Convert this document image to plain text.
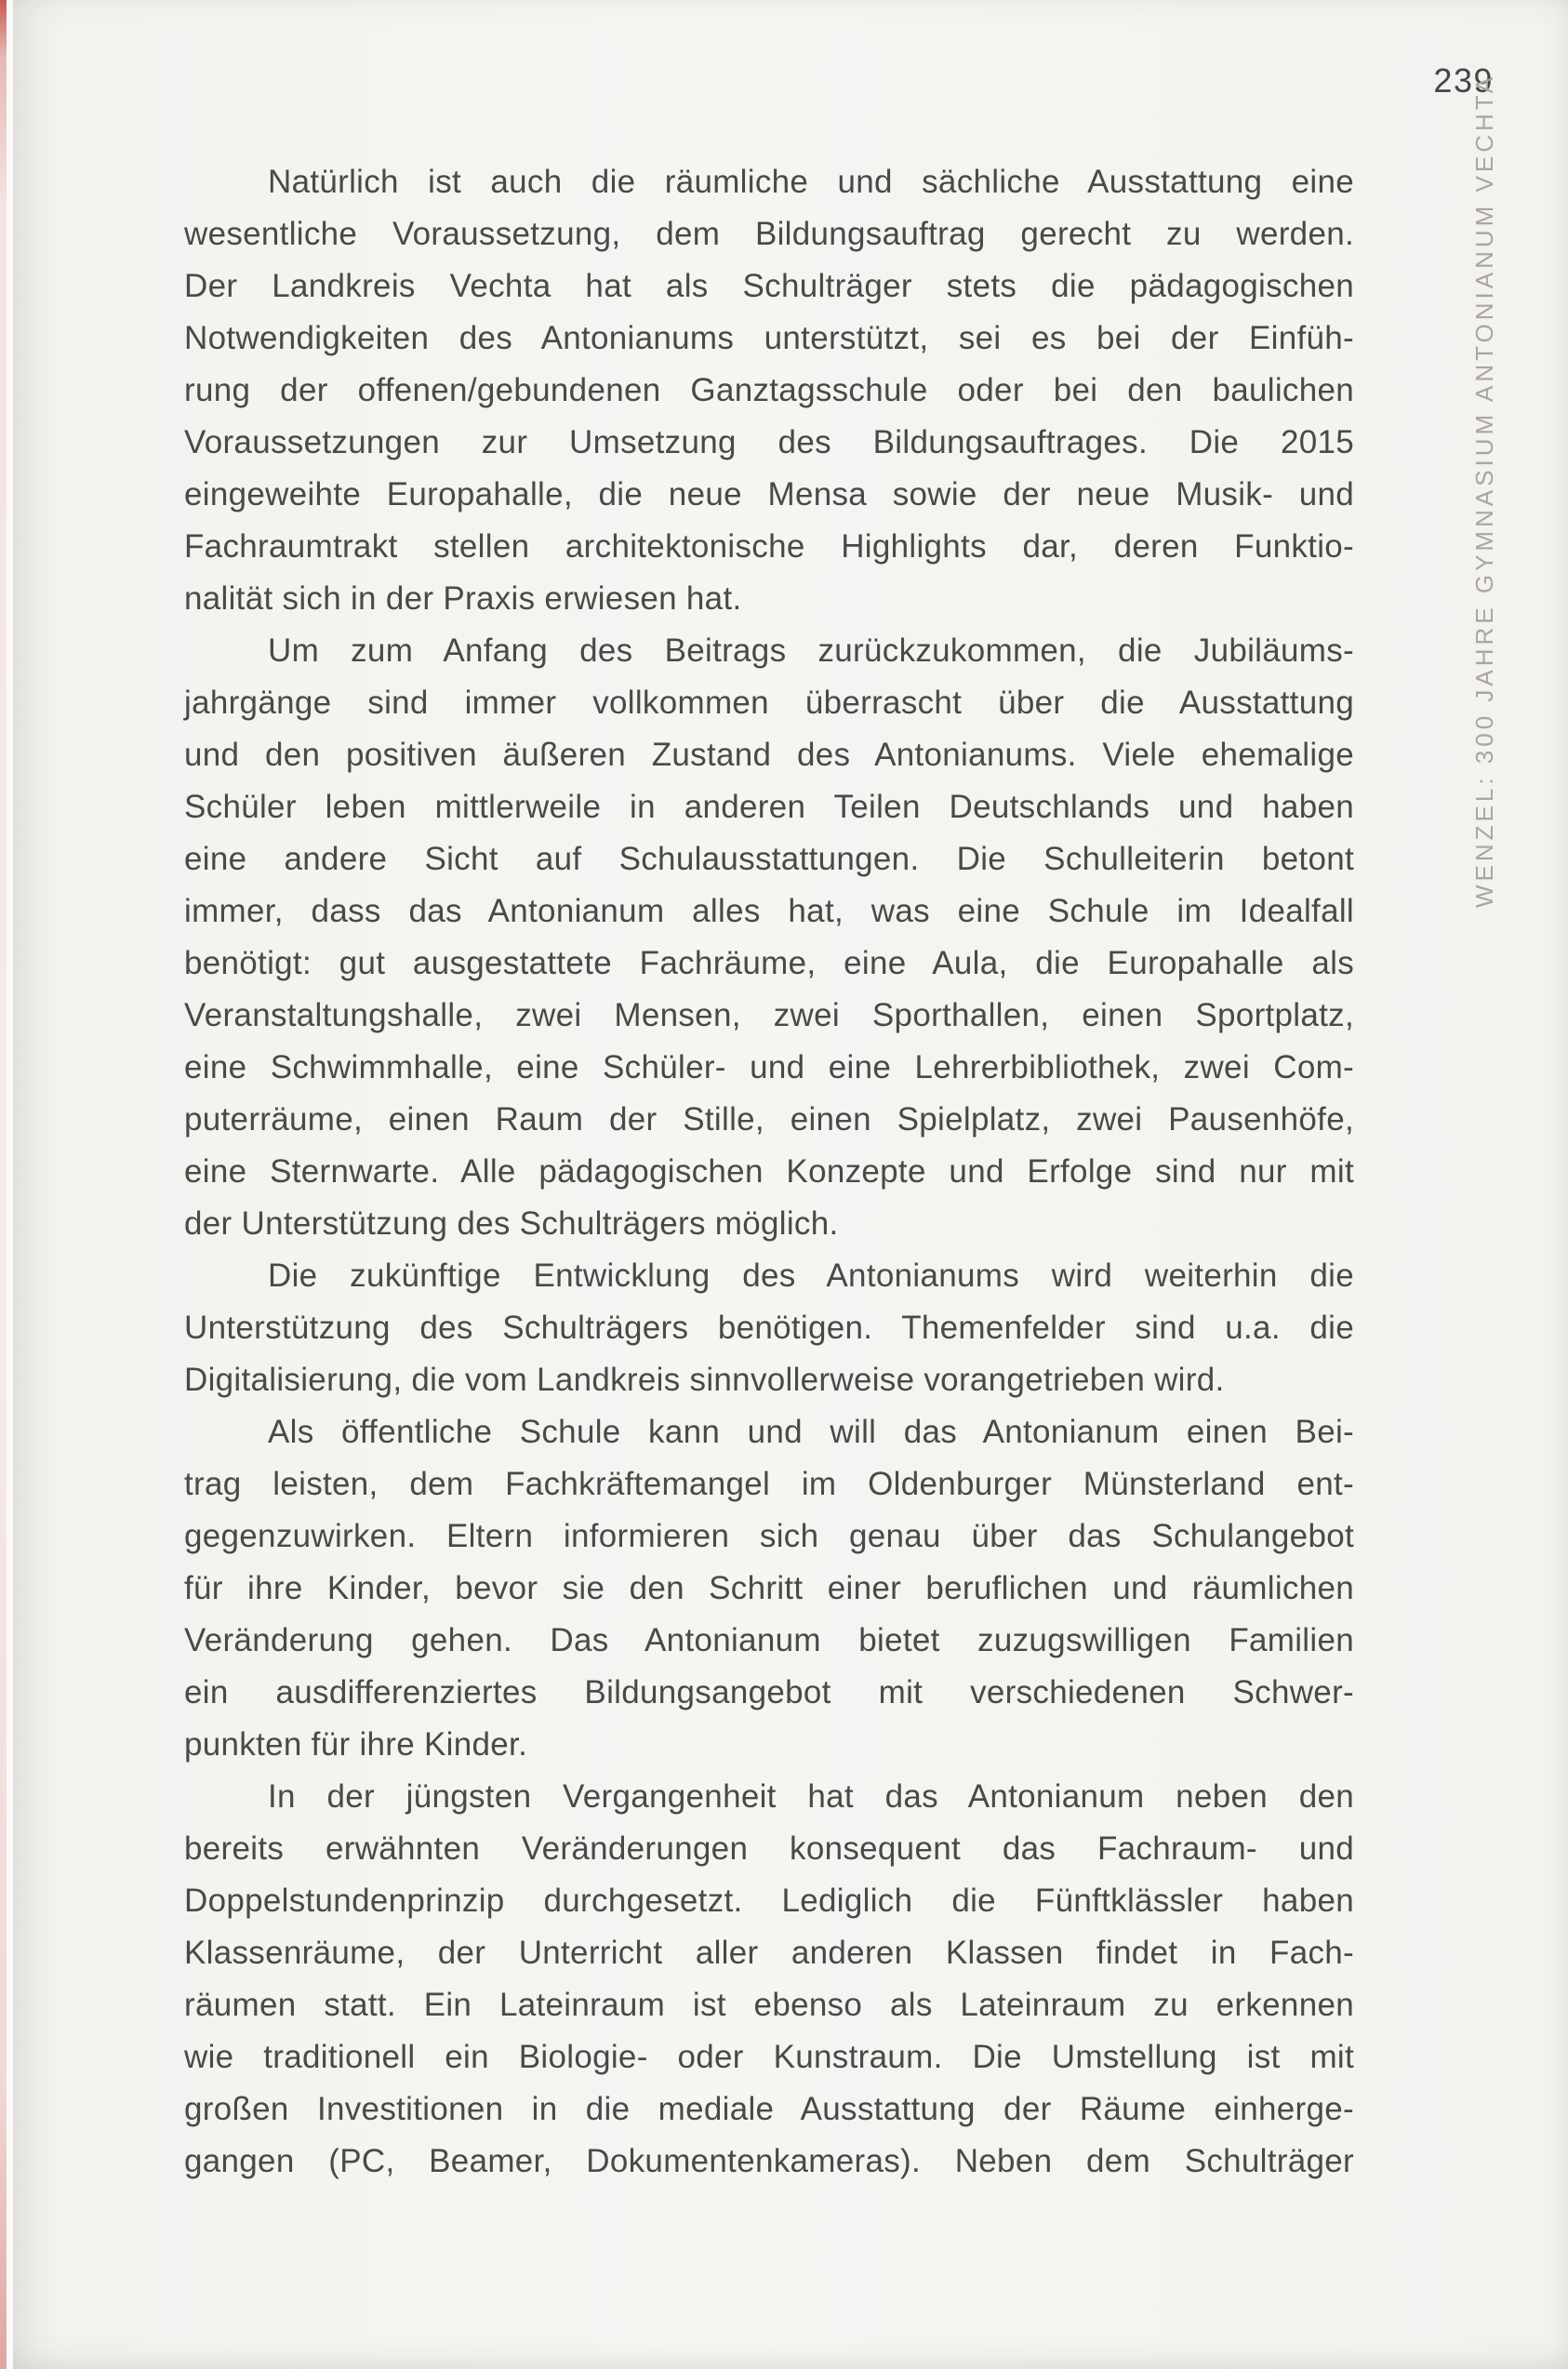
239
WENZEL: 300 JAHRE GYMNASIUM ANTONIANUM VECHTA
Natürlich ist auch die räumliche und sächliche Ausstattung eine
wesentliche Voraussetzung, dem Bildungsauftrag gerecht zu werden.
Der Landkreis Vechta hat als Schulträger stets die pädagogischen
Notwendigkeiten des Antonianums unterstützt, sei es bei der Einfüh-
rung der offenen/gebundenen Ganztagsschule oder bei den baulichen
Voraussetzungen zur Umsetzung des Bildungsauftrages. Die 2015
eingeweihte Europahalle, die neue Mensa sowie der neue Musik- und
Fachraumtrakt stellen architektonische Highlights dar, deren Funktio-
nalität sich in der Praxis erwiesen hat.
Um zum Anfang des Beitrags zurückzukommen, die Jubiläums-
jahrgänge sind immer vollkommen überrascht über die Ausstattung
und den positiven äußeren Zustand des Antonianums. Viele ehemalige
Schüler leben mittlerweile in anderen Teilen Deutschlands und haben
eine andere Sicht auf Schulausstattungen. Die Schulleiterin betont
immer, dass das Antonianum alles hat, was eine Schule im Idealfall
benötigt: gut ausgestattete Fachräume, eine Aula, die Europahalle als
Veranstaltungshalle, zwei Mensen, zwei Sporthallen, einen Sportplatz,
eine Schwimmhalle, eine Schüler- und eine Lehrerbibliothek, zwei Com-
puterräume, einen Raum der Stille, einen Spielplatz, zwei Pausenhöfe,
eine Sternwarte. Alle pädagogischen Konzepte und Erfolge sind nur mit
der Unterstützung des Schulträgers möglich.
Die zukünftige Entwicklung des Antonianums wird weiterhin die
Unterstützung des Schulträgers benötigen. Themenfelder sind u.a. die
Digitalisierung, die vom Landkreis sinnvollerweise vorangetrieben wird.
Als öffentliche Schule kann und will das Antonianum einen Bei-
trag leisten, dem Fachkräftemangel im Oldenburger Münsterland ent-
gegenzuwirken. Eltern informieren sich genau über das Schulangebot
für ihre Kinder, bevor sie den Schritt einer beruflichen und räumlichen
Veränderung gehen. Das Antonianum bietet zuzugswilligen Familien
ein ausdifferenziertes Bildungsangebot mit verschiedenen Schwer-
punkten für ihre Kinder.
In der jüngsten Vergangenheit hat das Antonianum neben den
bereits erwähnten Veränderungen konsequent das Fachraum- und
Doppelstundenprinzip durchgesetzt. Lediglich die Fünftklässler haben
Klassenräume, der Unterricht aller anderen Klassen findet in Fach-
räumen statt. Ein Lateinraum ist ebenso als Lateinraum zu erkennen
wie traditionell ein Biologie- oder Kunstraum. Die Umstellung ist mit
großen Investitionen in die mediale Ausstattung der Räume einherge-
gangen (PC, Beamer, Dokumentenkameras). Neben dem Schulträger
